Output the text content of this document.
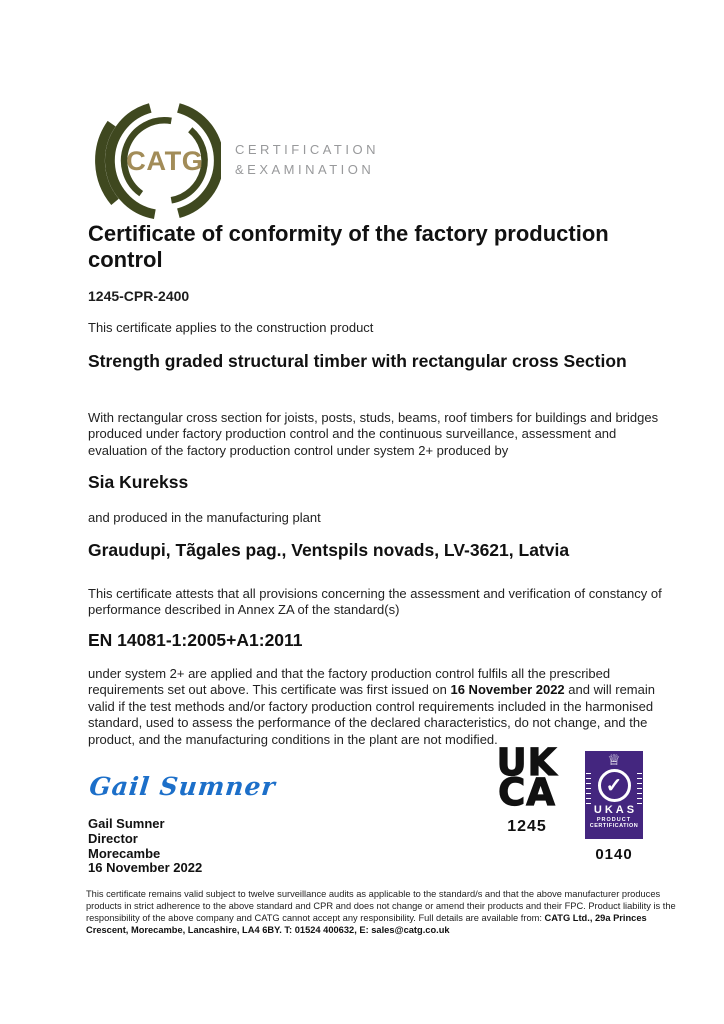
CATG CERTIFICATION
&EXAMINATION
Certificate of conformity of the factory production control
1245-CPR-2400
This certificate applies to the construction product
Strength graded structural timber with rectangular cross Section
With rectangular cross section for joists, posts, studs, beams, roof timbers for buildings and bridges produced under factory production control and the continuous surveillance, assessment and evaluation of the factory production control under system 2+ produced by
Sia Kurekss
and produced in the manufacturing plant
Graudupi, Tãgales pag., Ventspils novads, LV-3621, Latvia
This certificate attests that all provisions concerning the assessment and verification of constancy of performance described in Annex ZA of the standard(s)
EN 14081-1:2005+A1:2011
under system 2+ are applied and that the factory production control fulfils all the prescribed requirements set out above. This certificate was first issued on 16 November 2022 and will remain valid if the test methods and/or factory production control requirements included in the harmonised standard, used to assess the performance of the declared characteristics, do not change, and the product, and the manufacturing conditions in the plant are not modified.
Gail Sumner
Gail Sumner
Director
Morecambe
16 November 2022
UK
CA
1245
♕
✓
UKAS
PRODUCT
CERTIFICATION
0140
This certificate remains valid subject to twelve surveillance audits as applicable to the standard/s and that the above manufacturer produces products in strict adherence to the above standard and CPR and does not change or amend their products and their FPC. Product liability is the responsibility of the above company and CATG cannot accept any responsibility. Full details are available from: CATG Ltd., 29a Princes Crescent, Morecambe, Lancashire, LA4 6BY. T: 01524 400632, E: sales@catg.co.uk
